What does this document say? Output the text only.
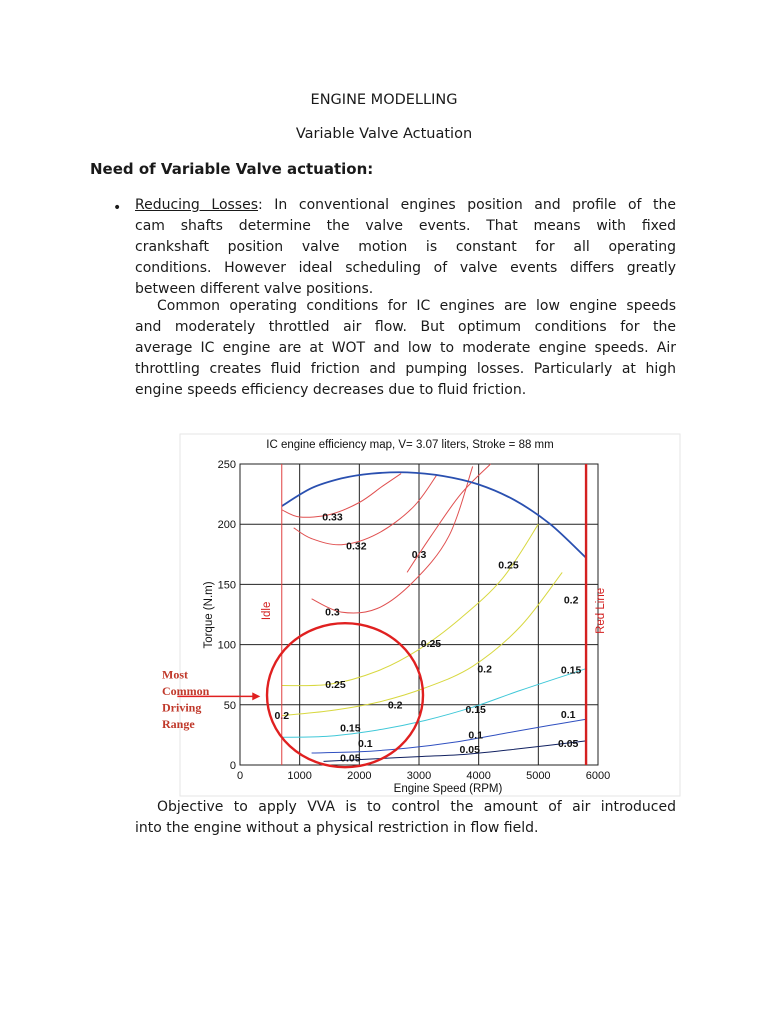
ENGINE MODELLING
Variable Valve Actuation
Need of Variable Valve actuation:
• Reducing Losses: In conventional engines position and profile of the
cam shafts determine the valve events. That means with fixed
crankshaft position valve motion is constant for all operating
conditions. However ideal scheduling of valve events differs greatly
between different valve positions.
Common operating conditions for IC engines are low engine speeds
and moderately throttled air flow. But optimum conditions for the
average IC engine are at WOT and low to moderate engine speeds. Air
throttling creates fluid friction and pumping losses. Particularly at high
engine speeds efficiency decreases due to fluid friction.
IC engine efficiency map, V= 3.07 liters, Stroke = 88 mm
0	1000	2000	3000	4000	5000	6000
0
50
100
150
200
250
0.33
0.32
0.3
0.3
0.25
0.2
0.15
0.1
0.05
0.25
0.2
0.25
0.2	0.15
0.2
0.15	0.1
0.1
0.05
0.05
Engine Speed (RPM)
Torque (N.m)	Idle	Red Line
Most
Common
Driving
Range
Objective to apply VVA is to control the amount of air introduced
into the engine without a physical restriction in flow field.
